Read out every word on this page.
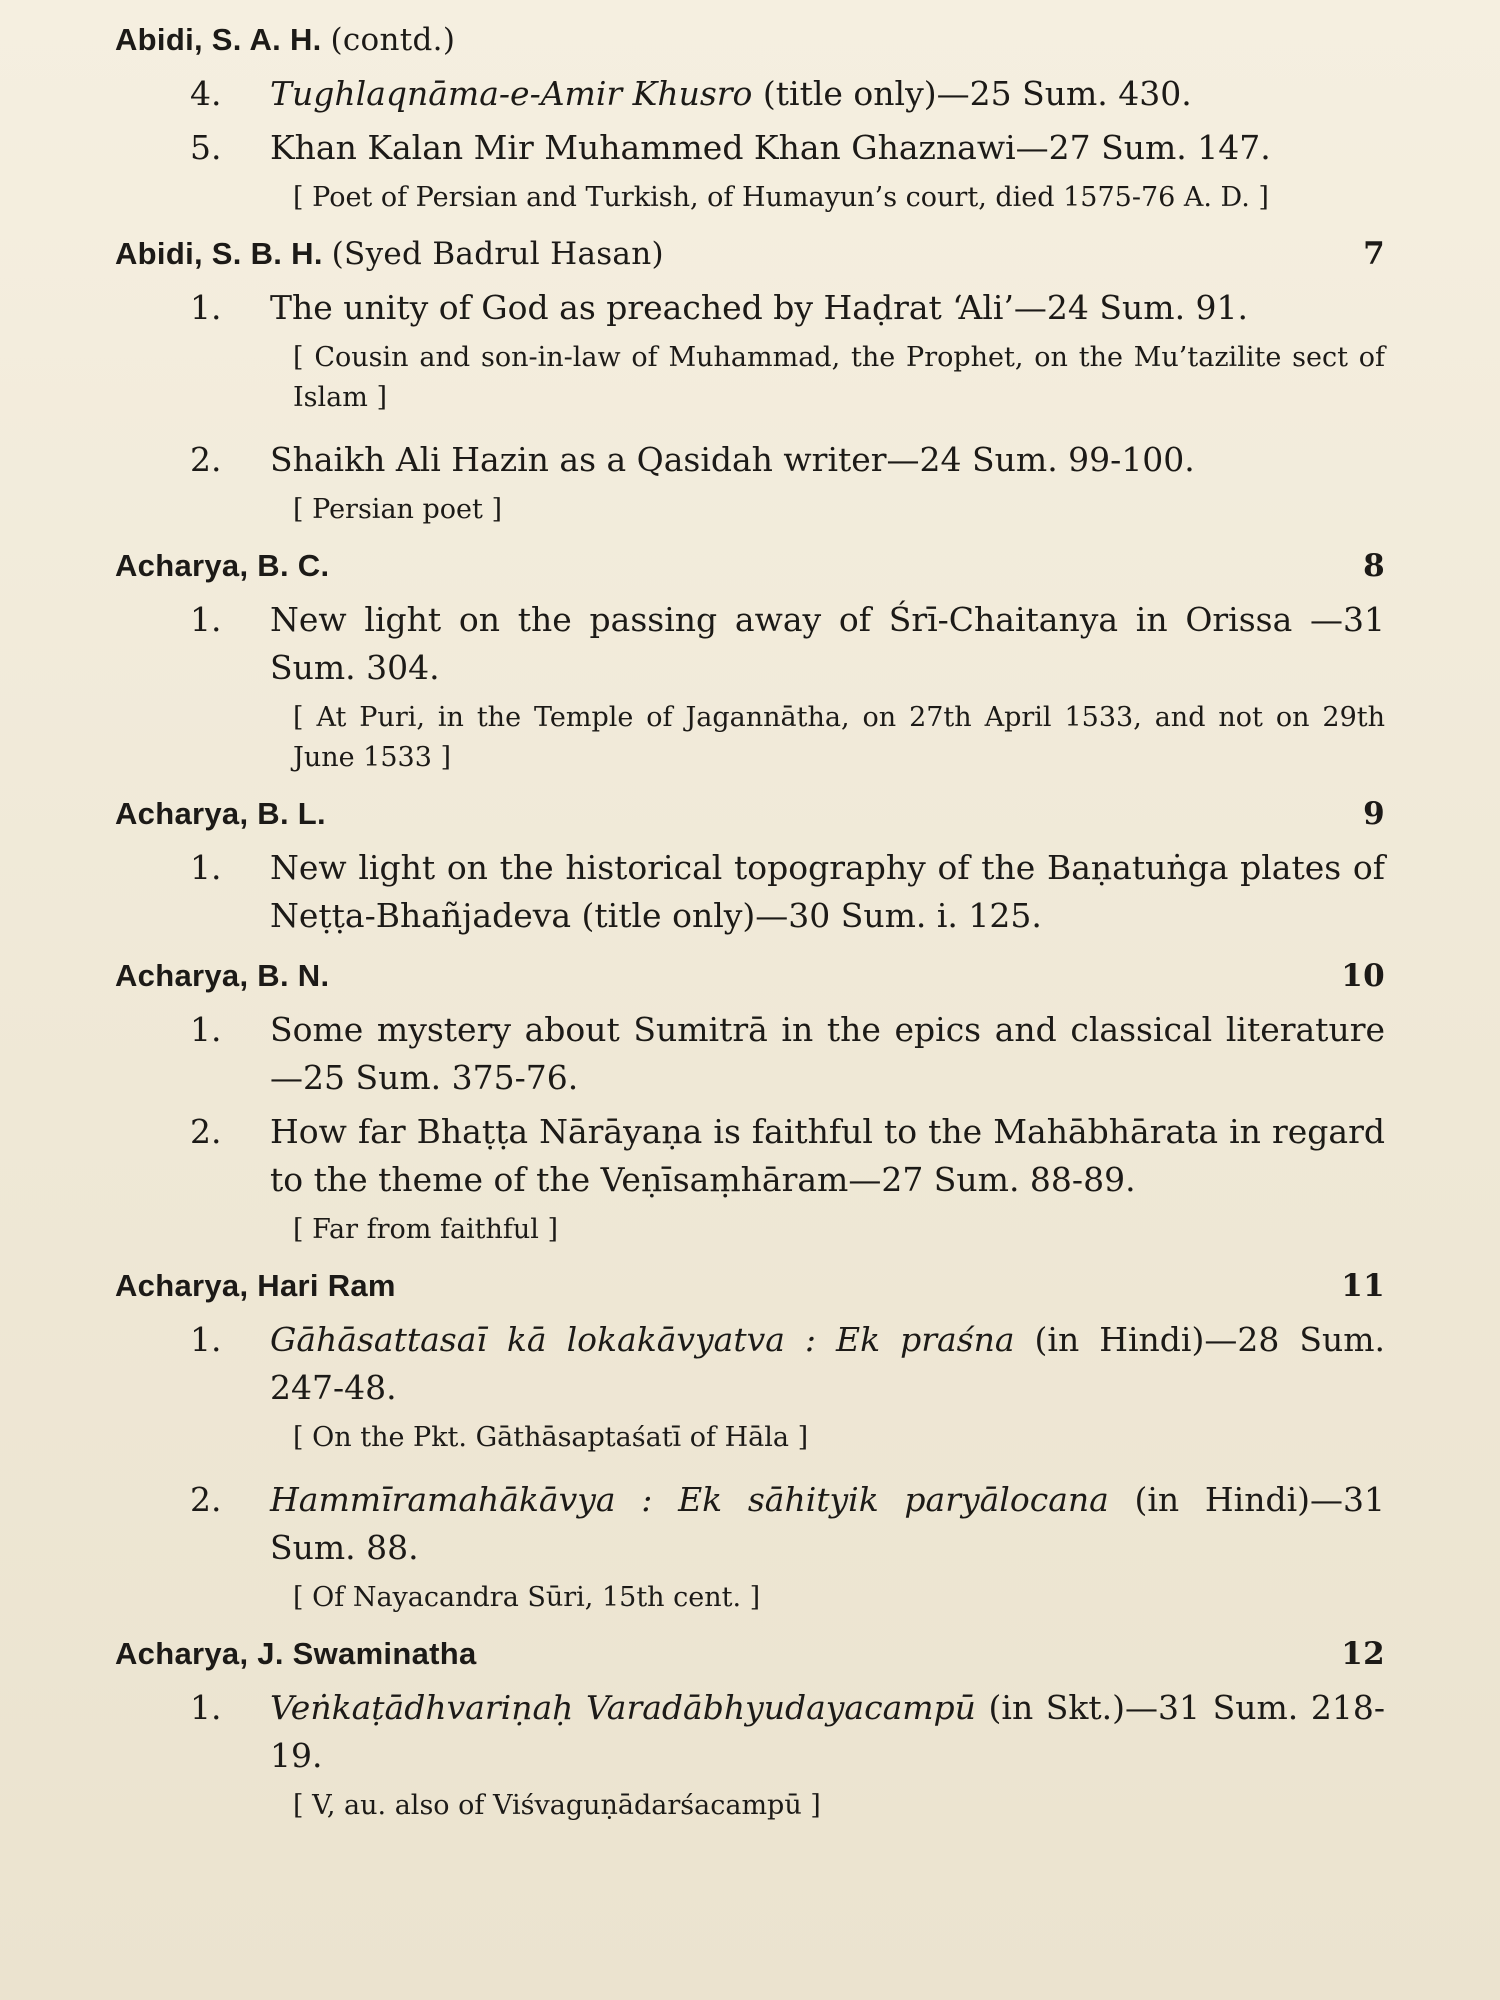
Abidi, S. A. H. (contd.)
4.	Tughlaqnāma-e-Amir Khusro (title only)—25 Sum. 430.
5.	Khan Kalan Mir Muhammed Khan Ghaznawi—27 Sum. 147.
[ Poet of Persian and Turkish, of Humayun’s court, died 1575-76 A. D. ]
Abidi, S. B. H. (Syed Badrul Hasan)	7
1.	The unity of God as preached by Haḍrat ‘Ali’—24 Sum. 91.
[ Cousin and son-in-law of Muhammad, the Prophet, on the Mu’tazilite sect of Islam ]
2.	Shaikh Ali Hazin as a Qasidah writer—24 Sum. 99-100.
[ Persian poet ]
Acharya, B. C.	8
1.	New light on the passing away of Śrī-Chaitanya in Orissa —31 Sum. 304.
[ At Puri, in the Temple of Jagannātha, on 27th April 1533, and not on 29th June 1533 ]
Acharya, B. L.	9
1.	New light on the historical topography of the Baṇatuṅga plates of Neṭṭa-Bhañjadeva (title only)—30 Sum. i. 125.
Acharya, B. N.	10
1.	Some mystery about Sumitrā in the epics and classical literature—25 Sum. 375-76.
2.	How far Bhaṭṭa Nārāyaṇa is faithful to the Mahābhārata in regard to the theme of the Veṇīsaṃhāram—27 Sum. 88-89.
[ Far from faithful ]
Acharya, Hari Ram	11
1.	Gāhāsattasaī kā lokakāvyatva : Ek praśna (in Hindi)—28 Sum. 247-48.
[ On the Pkt. Gāthāsaptaśatī of Hāla ]
2.	Hammīramahākāvya : Ek sāhityik paryālocana (in Hindi)—31 Sum. 88.
[ Of Nayacandra Sūri, 15th cent. ]
Acharya, J. Swaminatha	12
1.	Veṅkaṭādhvariṇaḥ Varadābhyudayacampū (in Skt.)—31 Sum. 218-19.
[ V, au. also of Viśvaguṇādarśacampū ]
